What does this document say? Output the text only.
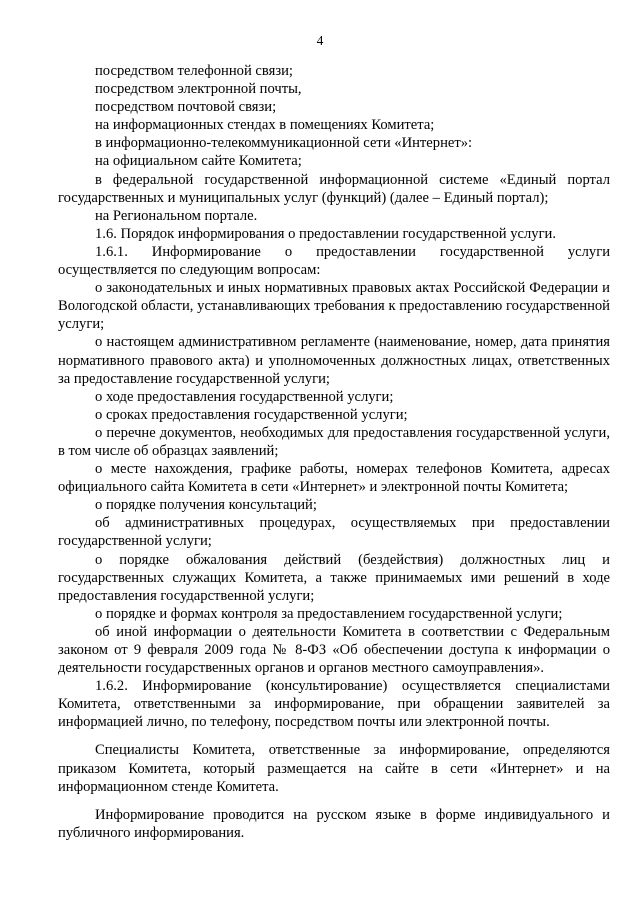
4

посредством телефонной связи;

посредством электронной почты,

посредством почтовой связи;

на информационных стендах в помещениях Комитета;

в информационно-телекоммуникационной сети «Интернет»:

на официальном сайте Комитета;

в федеральной государственной информационной системе «Единый портал государственных и муниципальных услуг (функций) (далее – Единый портал);

на Региональном портале.

1.6. Порядок информирования о предоставлении государственной услуги.

1.6.1. Информирование о предоставлении государственной услуги осуществляется по следующим вопросам:

о законодательных и иных нормативных правовых актах Российской Федерации и Вологодской области, устанавливающих требования к предоставлению государственной услуги;

о настоящем административном регламенте (наименование, номер, дата принятия нормативного правового акта) и уполномоченных должностных лицах, ответственных за предоставление государственной услуги;

о ходе предоставления государственной услуги;

о сроках предоставления государственной услуги;

о перечне документов, необходимых для предоставления государственной услуги, в том числе об образцах заявлений;

о месте нахождения, графике работы, номерах телефонов Комитета, адресах официального сайта Комитета в сети «Интернет» и электронной почты Комитета;

о порядке получения консультаций;

об административных процедурах, осуществляемых при предоставлении государственной услуги;

о порядке обжалования действий (бездействия) должностных лиц и государственных служащих Комитета, а также принимаемых ими решений в ходе предоставления государственной услуги;

о порядке и формах контроля за предоставлением государственной услуги;

об иной информации о деятельности Комитета в соответствии с Федеральным законом от 9 февраля 2009 года № 8-ФЗ «Об обеспечении доступа к информации о деятельности государственных органов и органов местного самоуправления».

1.6.2. Информирование (консультирование) осуществляется специалистами Комитета, ответственными за информирование, при обращении заявителей за информацией лично, по телефону, посредством почты или электронной почты.

Специалисты Комитета, ответственные за информирование, определяются приказом Комитета, который размещается на сайте в сети «Интернет» и на информационном стенде Комитета.

Информирование проводится на русском языке в форме индивидуального и публичного информирования.
